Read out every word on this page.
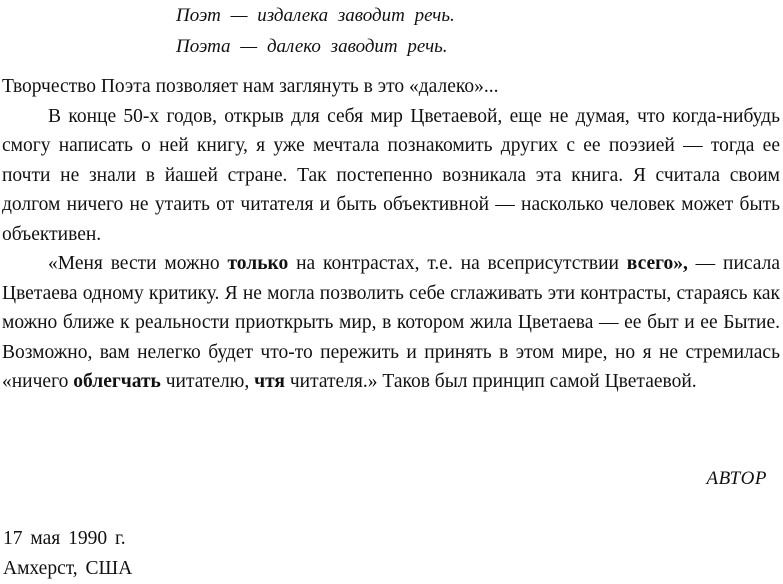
Поэт — издалека заводит речь.
Поэта — далеко заводит речь.

Творчество Поэта позволяет нам заглянуть в это «далеко»...

В конце 50-х годов, открыв для себя мир Цветаевой, еще не думая, что когда-нибудь смогу написать о ней книгу, я уже мечтала познакомить других с ее поэзией — тогда ее почти не знали в йашей стране. Так постепенно возникала эта книга. Я считала своим долгом ничего не утаить от читателя и быть объективной — насколько человек может быть объективен.

«Меня вести можно только на контрастах, т.е. на всеприсутствии всего», — писала Цветаева одному критику. Я не могла позволить себе сглаживать эти контрасты, стараясь как можно ближе к реальности приоткрыть мир, в котором жила Цветаева — ее быт и ее Бытие. Возможно, вам нелегко будет что-то пережить и принять в этом мире, но я не стремилась «ничего облегчать читателю, чтя читателя.» Таков был принцип самой Цветаевой.

АВТОР
17 мая 1990 г.
Амхерст, США
